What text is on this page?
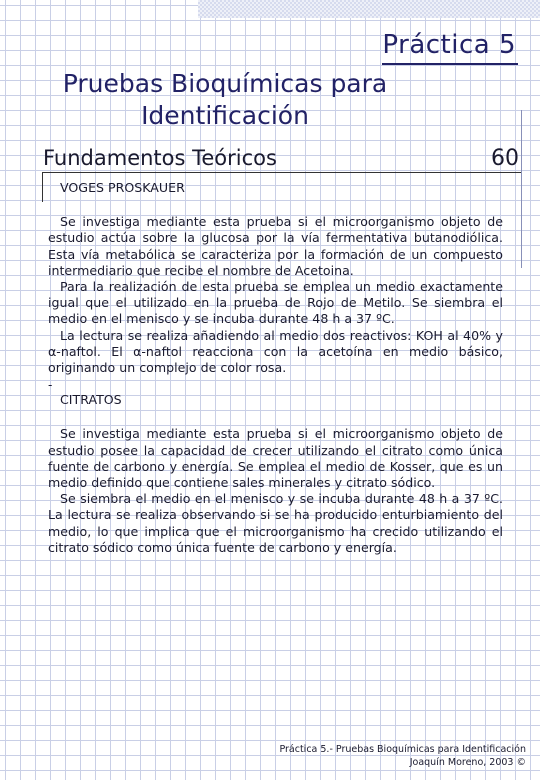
Práctica 5
Pruebas Bioquímicas para Identificación
Fundamentos Teóricos	60
VOGES PROSKAUER

Se investiga mediante esta prueba si el microorganismo objeto de estudio actúa sobre la glucosa por la vía fermentativa butanodiólica. Esta vía metabólica se caracteriza por la formación de un compuesto intermediario que recibe el nombre de Acetoina.

Para la realización de esta prueba se emplea un medio exactamente igual que el utilizado en la prueba de Rojo de Metilo. Se siembra el medio en el menisco y se incuba durante 48 h a 37 ºC.

La lectura se realiza añadiendo al medio dos reactivos: KOH al 40% y α-naftol. El α-naftol reacciona con la acetoína en medio básico, originando un complejo de color rosa.

-
CITRATOS

Se investiga mediante esta prueba si el microorganismo objeto de estudio posee la capacidad de crecer utilizando el citrato como única fuente de carbono y energía. Se emplea el medio de Kosser, que es un medio definido que contiene sales minerales y citrato sódico.

Se siembra el medio en el menisco y se incuba durante 48 h a 37 ºC. La lectura se realiza observando si se ha producido enturbiamiento del medio, lo que implica que el microorganismo ha crecido utilizando el citrato sódico como única fuente de carbono y energía.

Práctica 5.- Pruebas Bioquímicas para Identificación
Joaquín Moreno, 2003 ©
